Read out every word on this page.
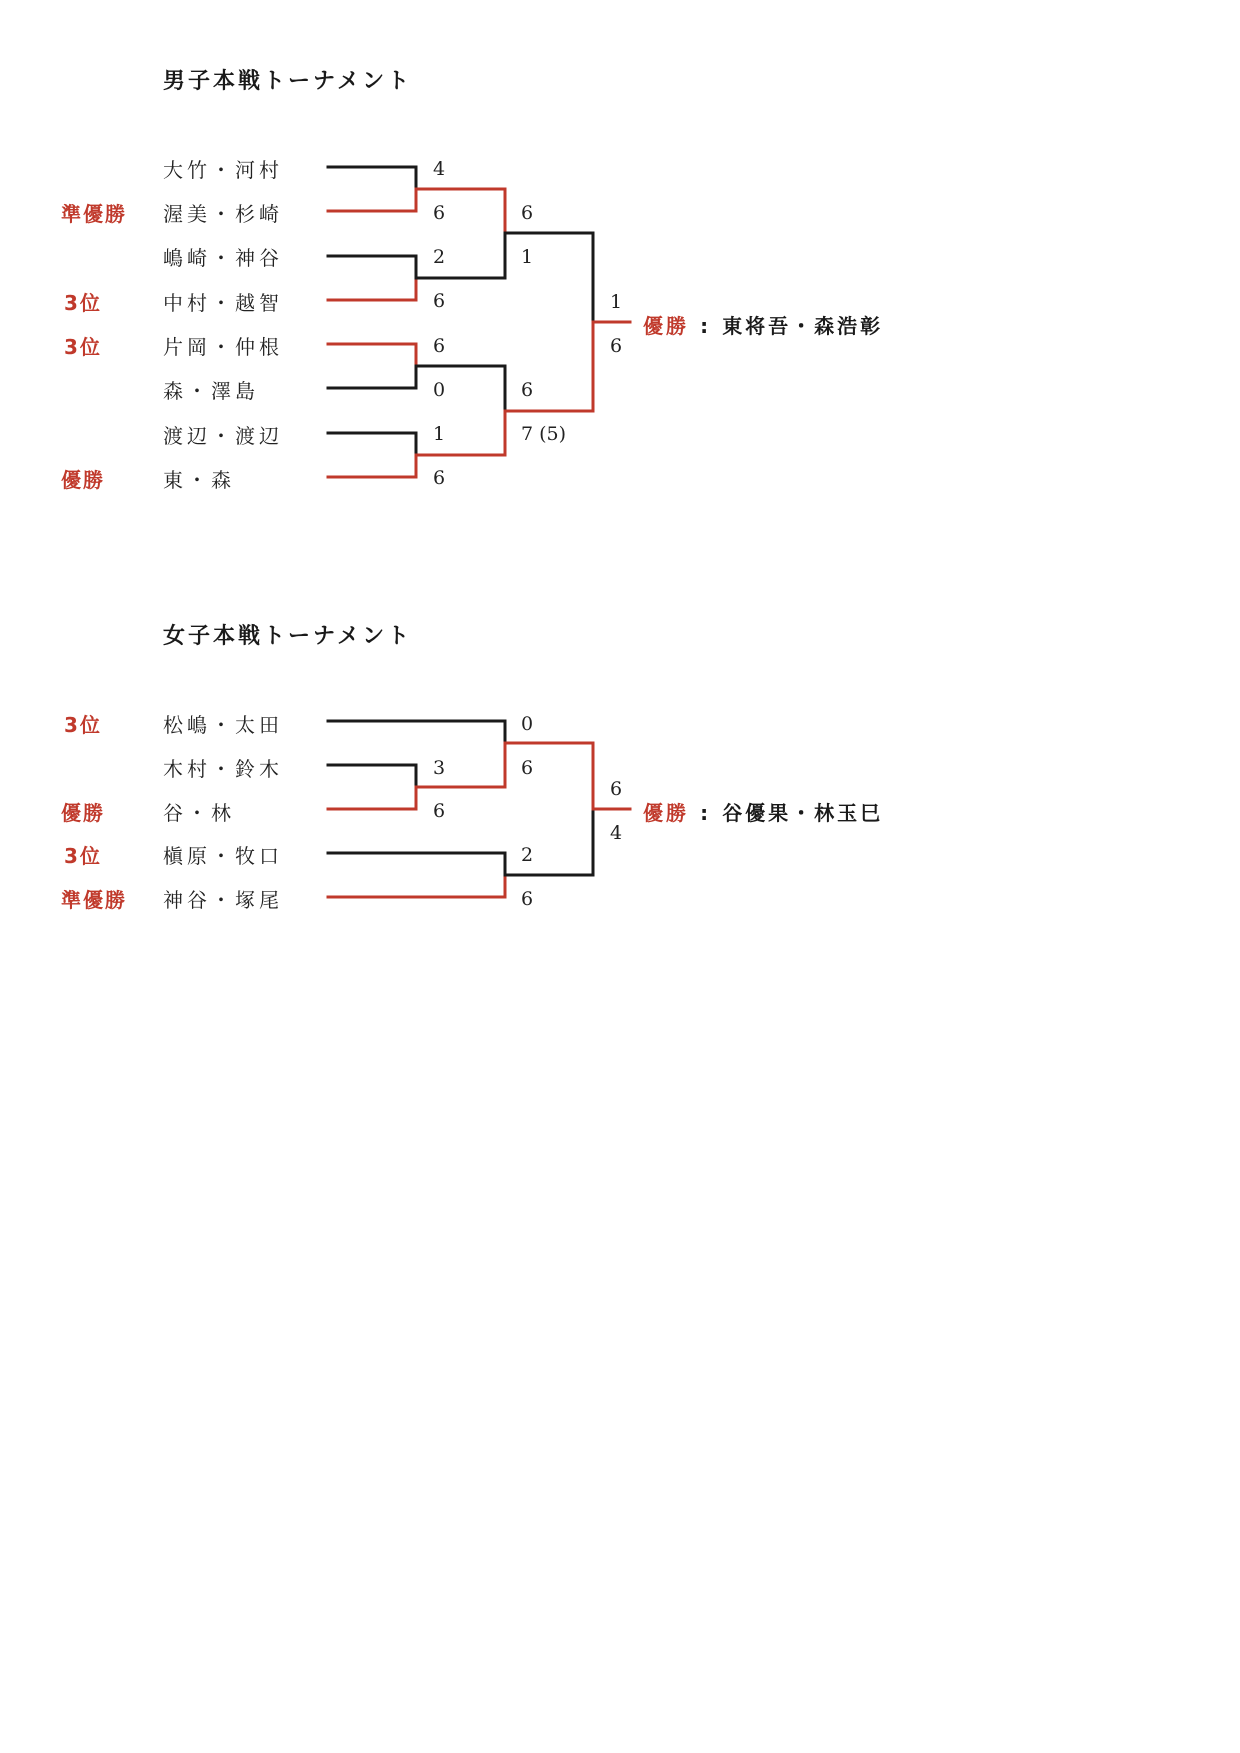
男子本戦トーナメント
準優勝
3位
3位
優勝
大竹・河村
渥美・杉崎
嶋崎・神谷
中村・越智
片岡・仲根
森・澤島
渡辺・渡辺
東・森
4
6
2
6
6
0
1
6
6
1
6
7 (5)
1
6
優勝 : 東将吾・森浩彰
女子本戦トーナメント
3位
優勝
3位
準優勝
松嶋・太田
木村・鈴木
谷・林
槇原・牧口
神谷・塚尾
3
6
0
6
2
6
6
4
優勝 : 谷優果・林玉巳
